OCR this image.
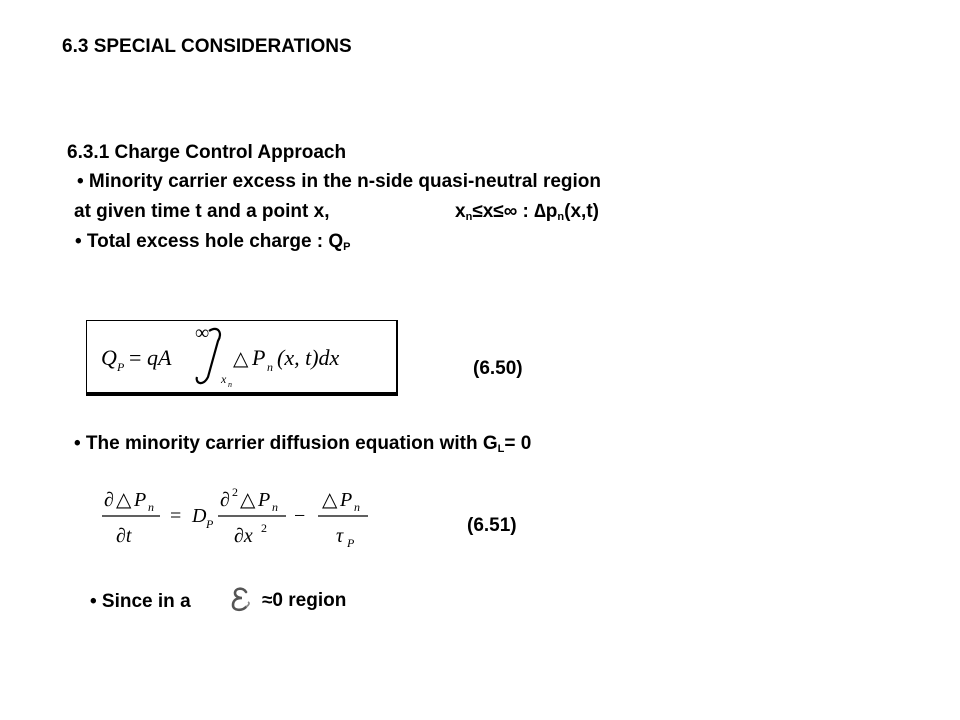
6.3 SPECIAL CONSIDERATIONS
6.3.1 Charge Control Approach
• Minority carrier excess in the n-side quasi-neutral region
at given time t and a point x,	$x_n\le x\le\infty$ : $\Delta p_n(x,t)$
• Total excess hole charge : $Q_P$
Q P = qA
∞
x n
△ P n (x, t)dx	(6.50)
• The minority carrier diffusion equation with $G_L= 0$
∂ △ P n
∂t
= D P
∂ 2 △ P n
∂x 2
−
△ P n
τ P
(6.51)
• Since in a	≈0 region
